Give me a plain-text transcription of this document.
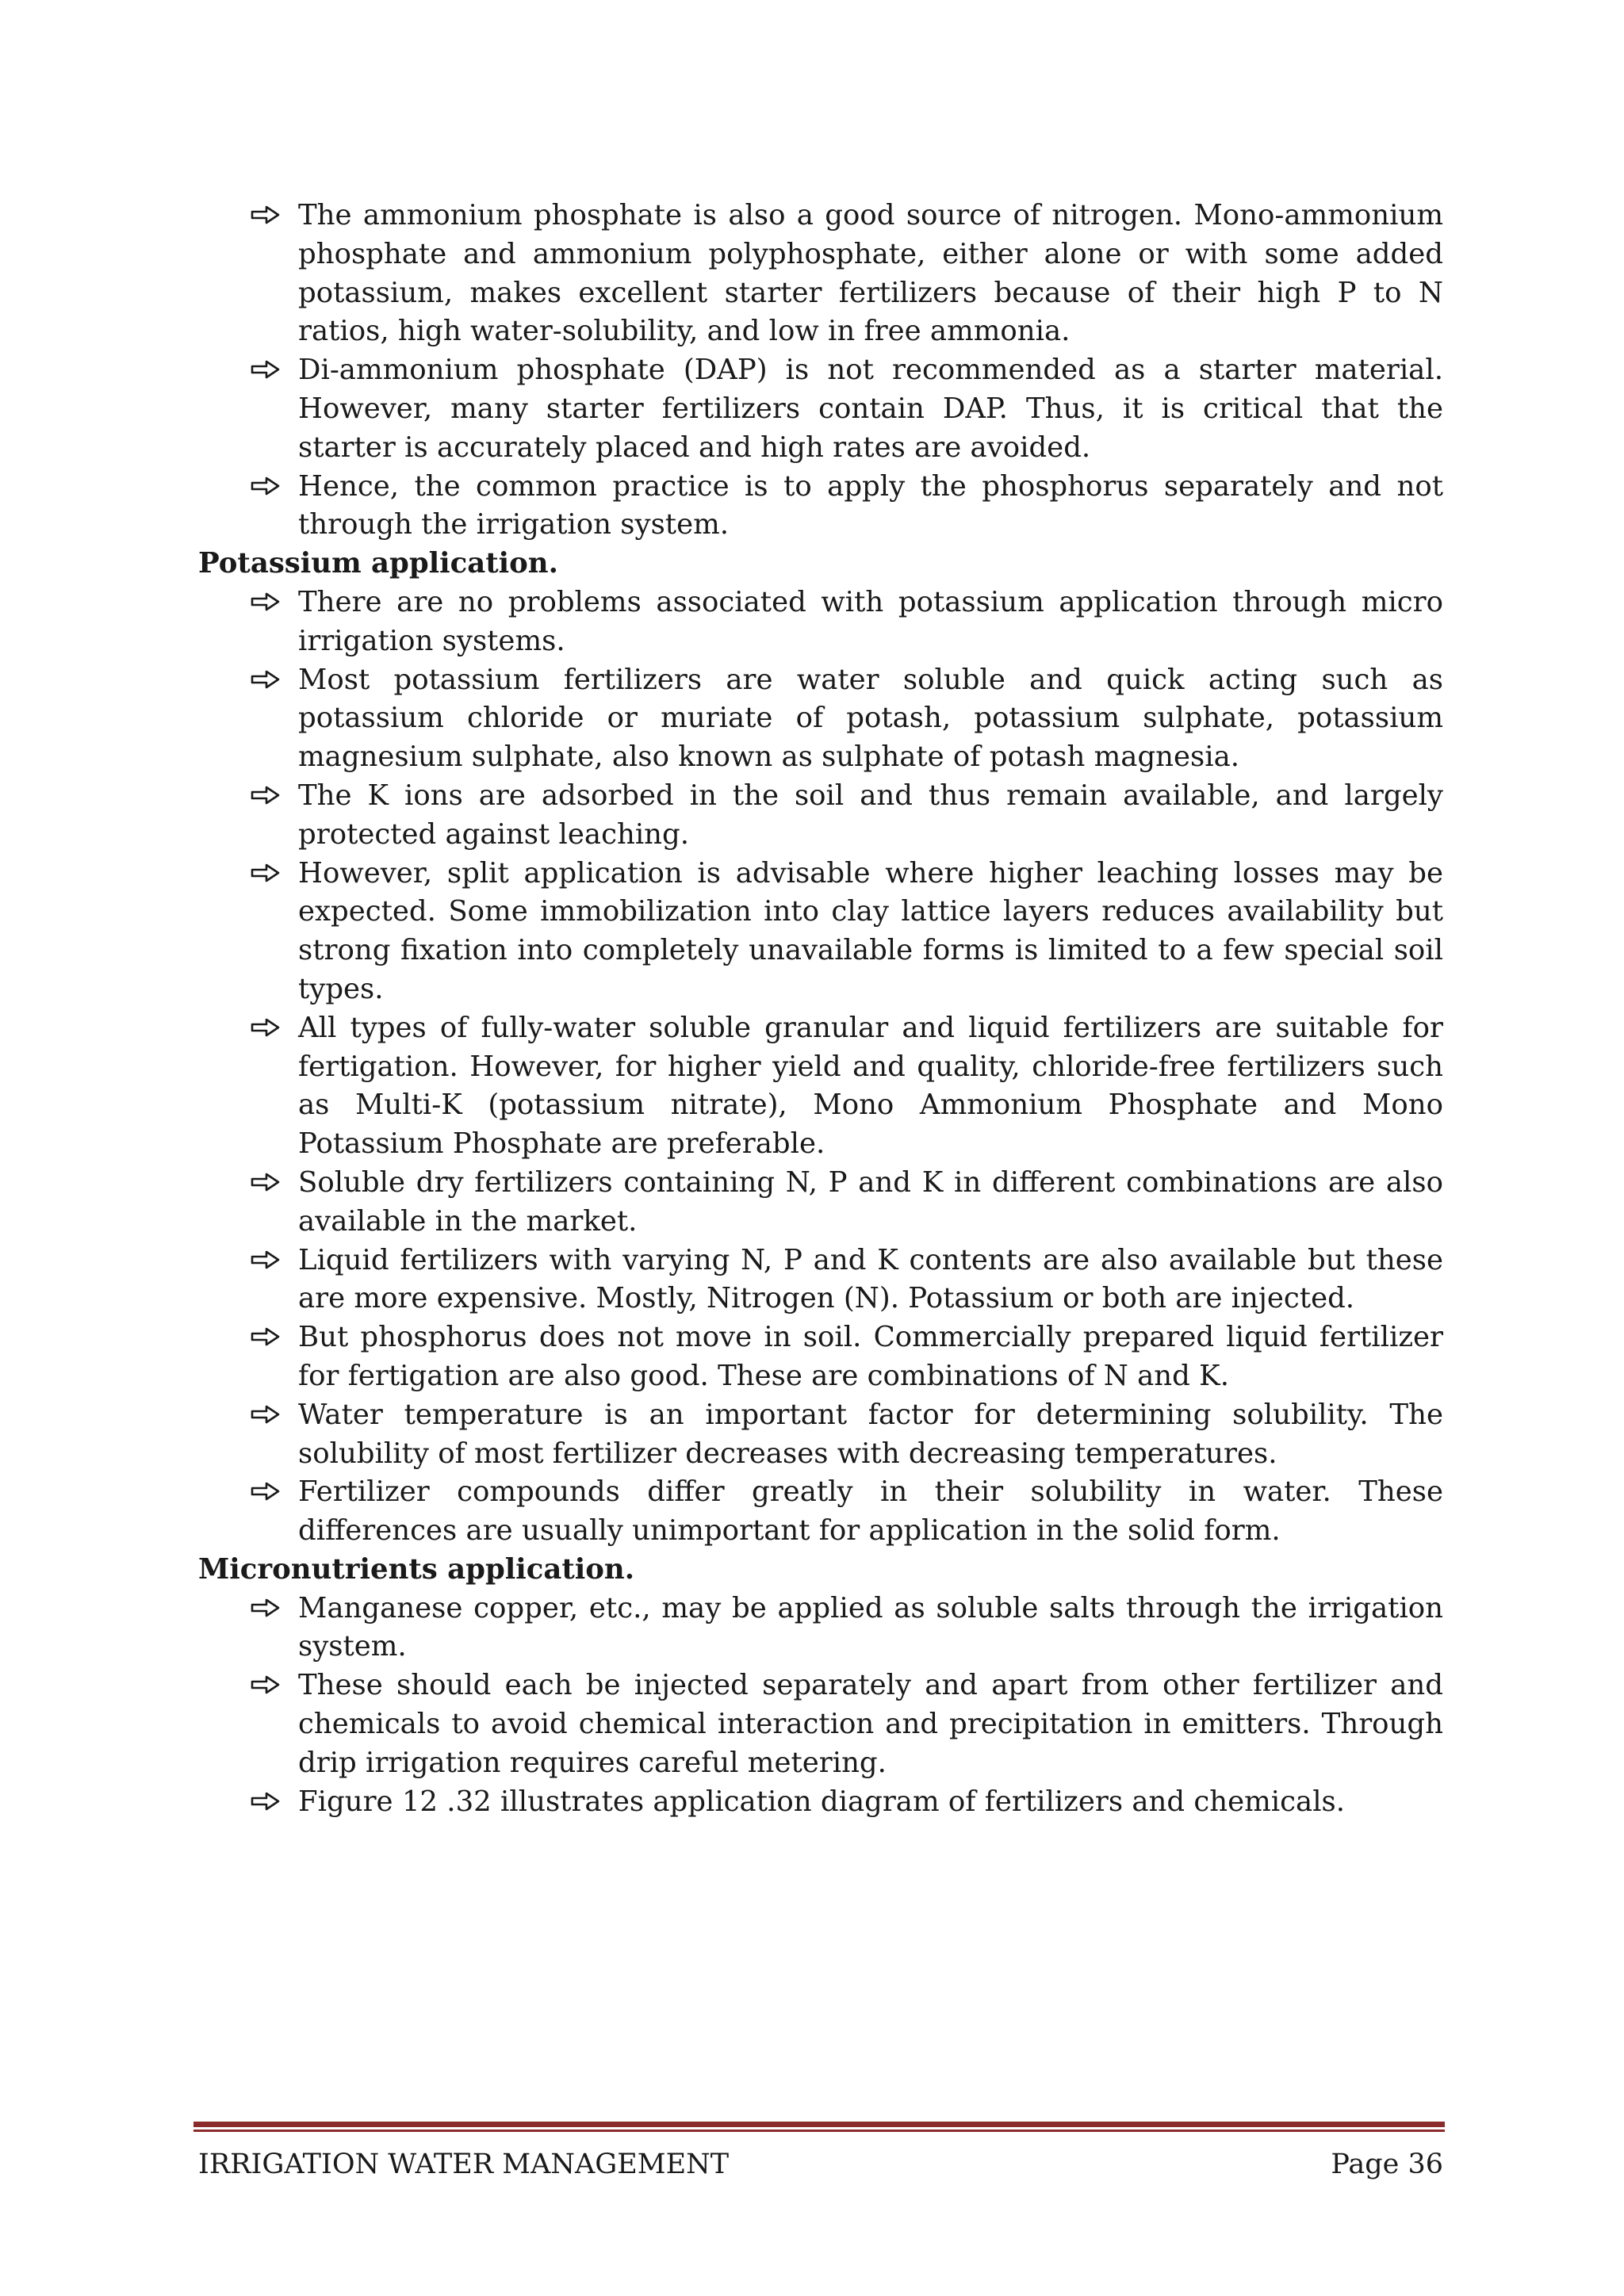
The ammonium phosphate is also a good source of nitrogen. Mono-ammonium phosphate and ammonium polyphosphate, either alone or with some added potassium, makes excellent starter fertilizers because of their high P to N ratios, high water-solubility, and low in free ammonia.
Di-ammonium phosphate (DAP) is not recommended as a starter material. However, many starter fertilizers contain DAP. Thus, it is critical that the starter is accurately placed and high rates are avoided.
Hence, the common practice is to apply the phosphorus separately and not through the irrigation system.
Potassium application.
There are no problems associated with potassium application through micro irrigation systems.
Most potassium fertilizers are water soluble and quick acting such as potassium chloride or muriate of potash, potassium sulphate, potassium magnesium sulphate, also known as sulphate of potash magnesia.
The K ions are adsorbed in the soil and thus remain available, and largely protected against leaching.
However, split application is advisable where higher leaching losses may be expected. Some immobilization into clay lattice layers reduces availability but strong fixation into completely unavailable forms is limited to a few special soil types.
All types of fully-water soluble granular and liquid fertilizers are suitable for fertigation. However, for higher yield and quality, chloride-free fertilizers such as Multi-K (potassium nitrate), Mono Ammonium Phosphate and Mono Potassium Phosphate are preferable.
Soluble dry fertilizers containing N, P and K in different combinations are also available in the market.
Liquid fertilizers with varying N, P and K contents are also available but these are more expensive. Mostly, Nitrogen (N). Potassium or both are injected.
But phosphorus does not move in soil. Commercially prepared liquid fertilizer for fertigation are also good. These are combinations of N and K.
Water temperature is an important factor for determining solubility. The solubility of most fertilizer decreases with decreasing temperatures.
Fertilizer compounds differ greatly in their solubility in water. These differences are usually unimportant for application in the solid form.
Micronutrients application.
Manganese copper, etc., may be applied as soluble salts through the irrigation system.
These should each be injected separately and apart from other fertilizer and chemicals to avoid chemical interaction and precipitation in emitters. Through drip irrigation requires careful metering.
Figure 12 .32 illustrates application diagram of fertilizers and chemicals.
IRRIGATION WATER MANAGEMENT	Page 36
